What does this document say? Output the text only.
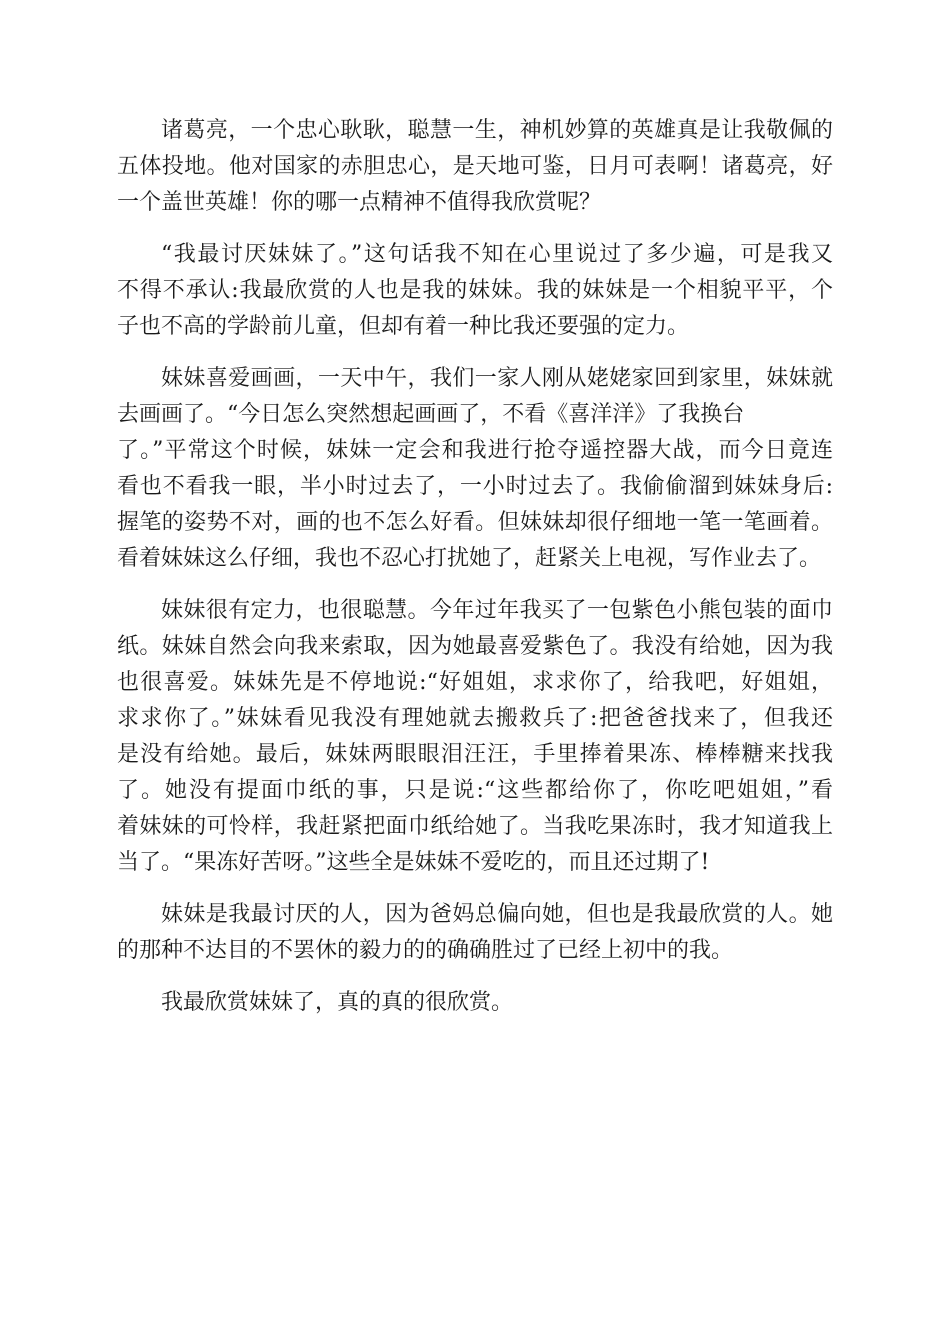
诸葛亮，一个忠心耿耿，聪慧一生，神机妙算的英雄真是让我敬佩的
五体投地。他对国家的赤胆忠心，是天地可鉴，日月可表啊！诸葛亮，好
一个盖世英雄！你的哪一点精神不值得我欣赏呢？
“我最讨厌妹妹了。”这句话我不知在心里说过了多少遍，可是我又
不得不承认:我最欣赏的人也是我的妹妹。我的妹妹是一个相貌平平，个
子也不高的学龄前儿童，但却有着一种比我还要强的定力。
妹妹喜爱画画，一天中午，我们一家人刚从姥姥家回到家里，妹妹就
去画画了。“今日怎么突然想起画画了，不看《喜洋洋》了我换台
了。”平常这个时候，妹妹一定会和我进行抢夺遥控器大战，而今日竟连
看也不看我一眼，半小时过去了，一小时过去了。我偷偷溜到妹妹身后:
握笔的姿势不对，画的也不怎么好看。但妹妹却很仔细地一笔一笔画着。
看着妹妹这么仔细，我也不忍心打扰她了，赶紧关上电视，写作业去了。
妹妹很有定力，也很聪慧。今年过年我买了一包紫色小熊包装的面巾
纸。妹妹自然会向我来索取，因为她最喜爱紫色了。我没有给她，因为我
也很喜爱。妹妹先是不停地说:“好姐姐，求求你了，给我吧，好姐姐，
求求你了。”妹妹看见我没有理她就去搬救兵了:把爸爸找来了，但我还
是没有给她。最后，妹妹两眼眼泪汪汪，手里捧着果冻、棒棒糖来找我
了。她没有提面巾纸的事，只是说:“这些都给你了，你吃吧姐姐，”看
着妹妹的可怜样，我赶紧把面巾纸给她了。当我吃果冻时，我才知道我上
当了。“果冻好苦呀。”这些全是妹妹不爱吃的，而且还过期了!
妹妹是我最讨厌的人，因为爸妈总偏向她，但也是我最欣赏的人。她
的那种不达目的不罢休的毅力的的确确胜过了已经上初中的我。
我最欣赏妹妹了，真的真的很欣赏。
